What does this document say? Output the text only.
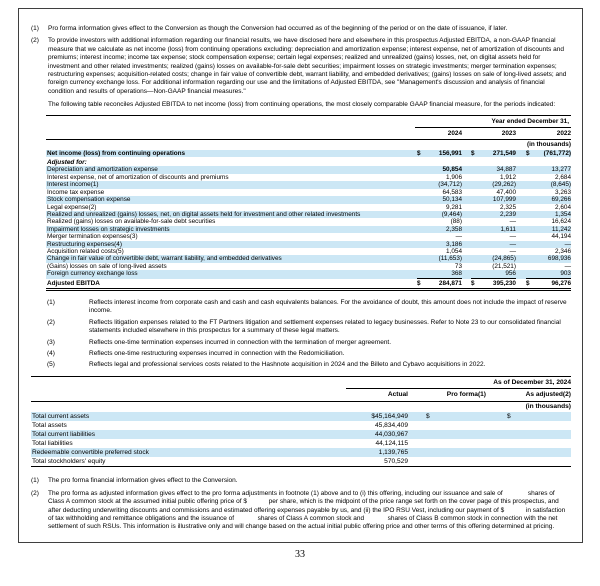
(1)	Pro forma information gives effect to the Conversion as though the Conversion had occurred as of the beginning of the period or on the date of issuance, if later.
(2)	To provide investors with additional information regarding our financial results, we have disclosed here and elsewhere in this prospectus Adjusted EBITDA, a non-GAAP financial measure that we calculate as net income (loss) from continuing operations excluding: depreciation and amortization expense; interest expense, net of amortization of discounts and premiums; interest income; income tax expense; stock compensation expense; certain legal expenses; realized and unrealized (gains) losses, net, on digital assets held for investment and other related investments; realized (gains) losses on available-for-sale debt securities; impairment losses on strategic investments; merger termination expenses; restructuring expenses; acquisition-related costs; change in fair value of convertible debt, warrant liability, and embedded derivatives; (gains) losses on sale of long-lived assets; and foreign currency exchange loss. For additional information regarding our use and the limitations of Adjusted EBITDA, see "Management's discussion and analysis of financial condition and results of operations—Non-GAAP financial measures."
The following table reconciles Adjusted EBITDA to net income (loss) from continuing operations, the most closely comparable GAAP financial measure, for the periods indicated:
Year ended December 31,
2024	2023	2022
(in thousands)
Net income (loss) from continuing operations	$	156,991 $	271,549 $ (761,772)
Adjusted for:
Depreciation and amortization expense	50,854	34,887	13,277
Interest expense, net of amortization of discounts and premiums	1,906	1,912	2,684
Interest income(1)	(34,712)	(29,262)	(8,645)
Income tax expense	64,583	47,400	3,263
Stock compensation expense	50,134	107,999	69,266
Legal expense(2)	9,281	2,325	2,604
Realized and unrealized (gains) losses, net, on digital assets held for investment and other related investments	(9,464)	2,239	1,354
Realized (gains) losses on available-for-sale debt securities	(88)	—	16,624
Impairment losses on strategic investments	2,358	1,611	11,242
Merger termination expenses(3)	—	—	44,194
Restructuring expenses(4)	3,186	—	—
Acquisition related costs(5)	1,054	—	2,346
Change in fair value of convertible debt, warrant liability, and embedded derivatives	(11,653)	(24,865)	698,936
(Gains) losses on sale of long-lived assets	73	(21,521)	—
Foreign currency exchange loss	368	956	903
Adjusted EBITDA	$	284,871 $	395,230 $	96,276
(1)	Reflects interest income from corporate cash and cash and cash equivalents balances. For the avoidance of doubt, this amount does not include the impact of reserve income.
(2)	Reflects litigation expenses related to the FT Partners litigation and settlement expenses related to legacy businesses. Refer to Note 23 to our consolidated financial statements included elsewhere in this prospectus for a summary of these legal matters.
(3)	Reflects one-time termination expenses incurred in connection with the termination of merger agreement.
(4)	Reflects one-time restructuring expenses incurred in connection with the Redomiciliation.
(5)	Reflects legal and professional services costs related to the Hashnote acquisition in 2024 and the Billeto and Cybavo acquisitions in 2022.
As of December 31, 2024
Actual	Pro forma(1)	As adjusted(2)
(in thousands)
Total current assets	$45,164,949	$	$
Total assets	45,834,409
Total current liabilities	44,030,967
Total liabilities	44,124,115
Redeemable convertible preferred stock	1,139,765
Total stockholders' equity	570,529
(1)	The pro forma financial information gives effect to the Conversion.
(2)	The pro forma as adjusted information gives effect to the pro forma adjustments in footnote (1) above and to (i) this offering, including our issuance and sale of              shares of Class A common stock at the assumed initial public offering price of $            per share, which is the midpoint of the price range set forth on the cover page of this prospectus, and after deducting underwriting discounts and commissions and estimated offering expenses payable by us, and (ii) the IPO RSU Vest, including our payment of $            in satisfaction of tax withholding and remittance obligations and the issuance of             shares of Class A common stock and             shares of Class B common stock in connection with the net settlement of such RSUs. This information is illustrative only and will change based on the actual initial public offering price and other terms of this offering determined at pricing.
33
